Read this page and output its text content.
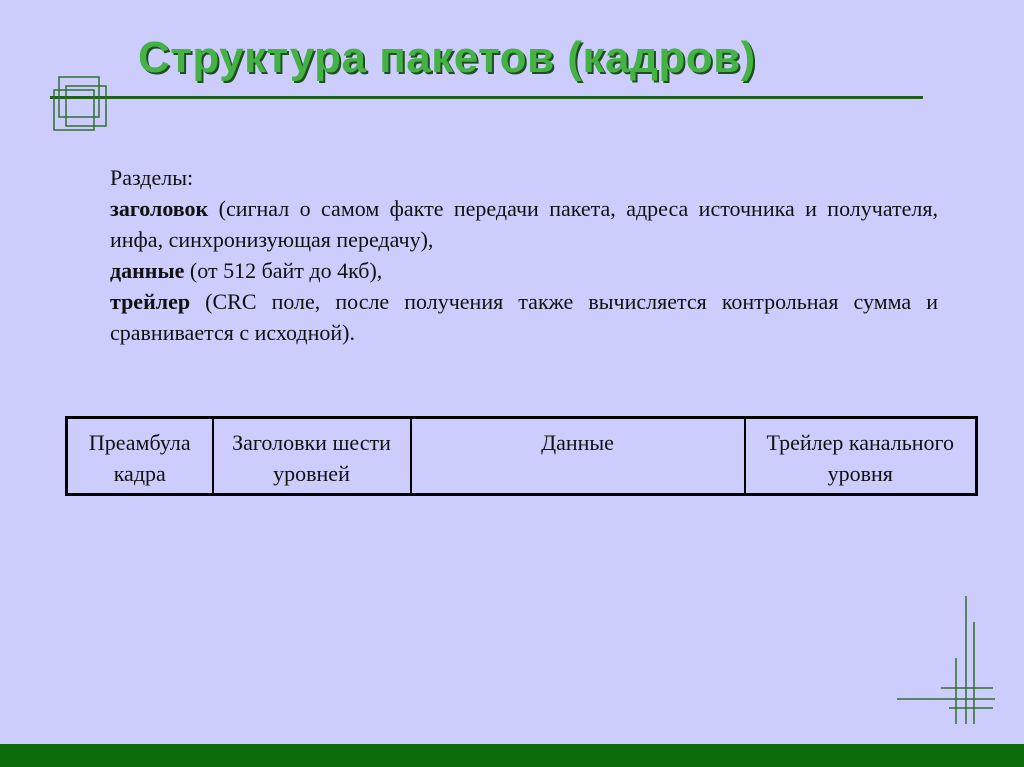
Структура пакетов (кадров)

Разделы:

заголовок (сигнал о самом факте передачи пакета, адреса источника и получателя, инфа, синхронизующая передачу),

данные (от 512 байт до 4кб),

трейлер (CRC поле, после получения также вычисляется контрольная сумма и сравнивается с исходной).

Преамбула кадра	Заголовки шести уровней	Данные	Трейлер канального уровня
